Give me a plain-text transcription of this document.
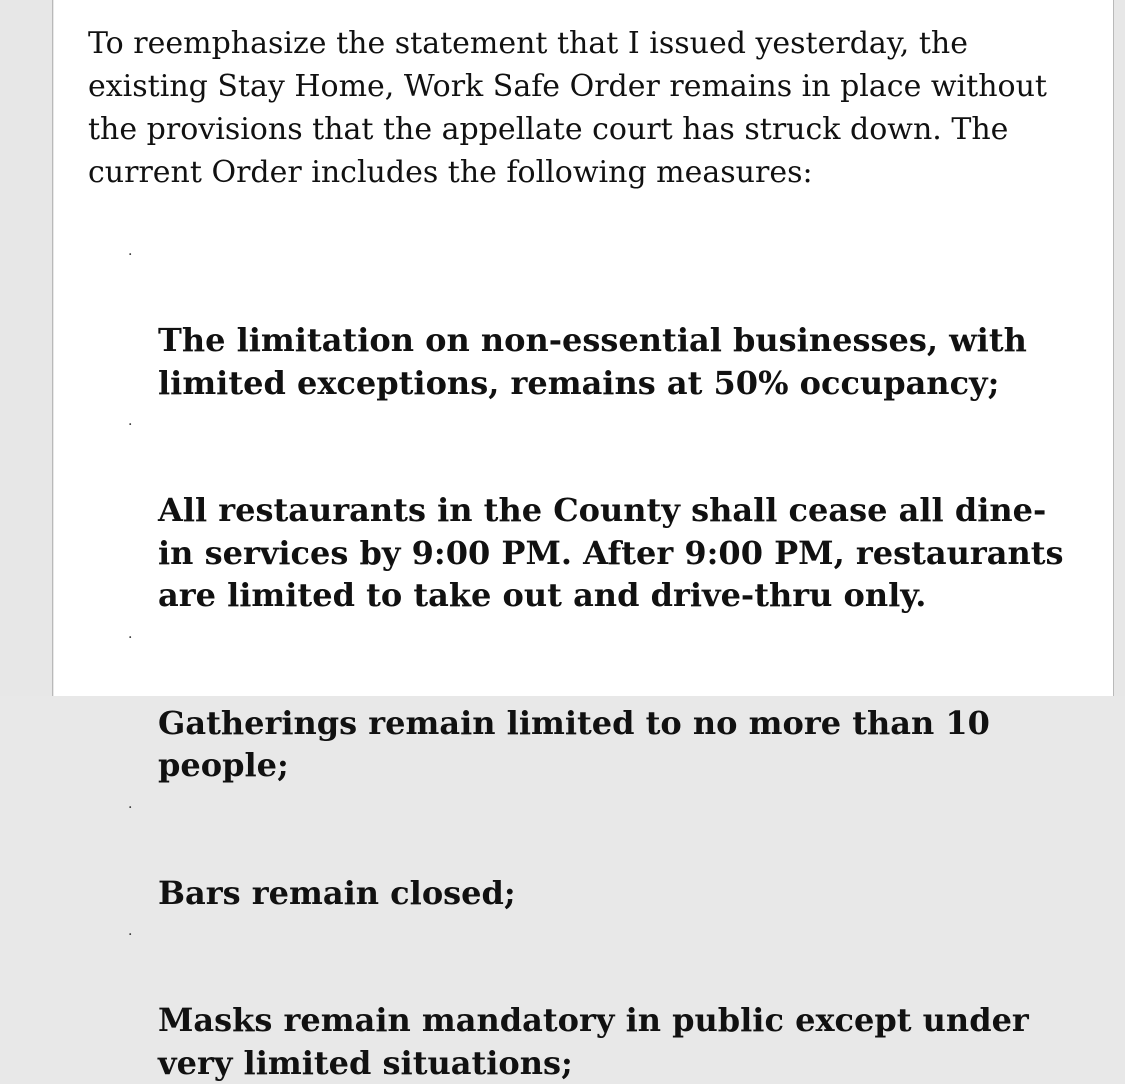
To reemphasize the statement that I issued yesterday, the
existing Stay Home, Work Safe Order remains in place without
the provisions that the appellate court has struck down. The
current Order includes the following measures:

·

The limitation on non-essential businesses, with
limited exceptions, remains at 50% occupancy;

·

All restaurants in the County shall cease all dine-
in services by 9:00 PM. After 9:00 PM, restaurants
are limited to take out and drive-thru only.

·

Gatherings remain limited to no more than 10
people;

·

Bars remain closed;

·

Masks remain mandatory in public except under
very limited situations;
